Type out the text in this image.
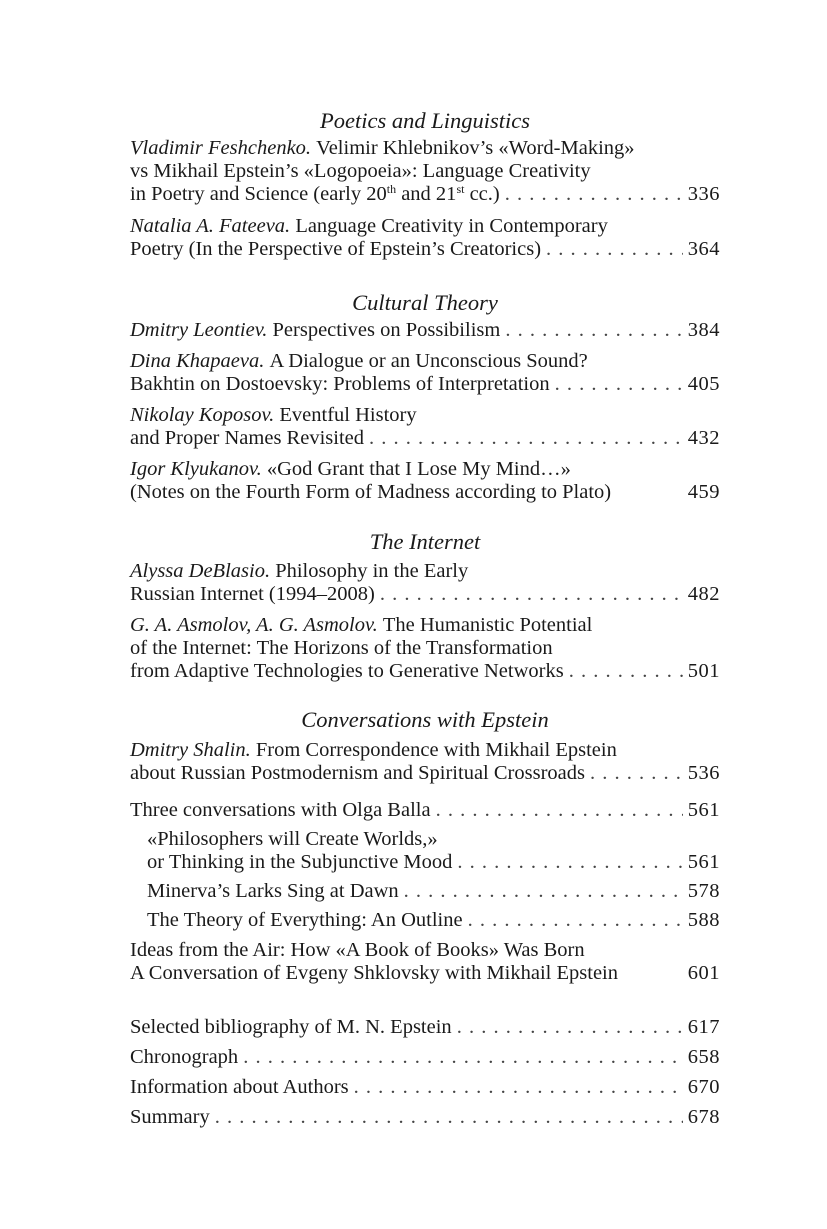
Poetics and Linguistics
Vladimir Feshchenko.
Velimir Khlebnikov’s «Word-Making»
vs Mikhail Epstein’s «Logopoeia»: Language Creativity
in Poetry and Science (early 20th and 21st cc.) . . .	336
Natalia A. Fateeva.
Language Creativity in Contemporary
Poetry (In the Perspective of Epstein’s Creatorics) . . .	364
Cultural Theory
Dmitry Leontiev.
Perspectives on Possibilism . . .	384
Dina Khapaeva.
A Dialogue or an Unconscious Sound?
Bakhtin on Dostoevsky: Problems of Interpretation . . .	405
Nikolay Koposov.
Eventful History
and Proper Names Revisited . . .	432
Igor Klyukanov.
«God Grant that I Lose My Mind…»
(Notes on the Fourth Form of Madness according to Plato)	459
The Internet
Alyssa DeBlasio.
Philosophy in the Early
Russian Internet (1994–2008) . . .	482
G. A. Asmolov, A. G. Asmolov.
The Humanistic Potential
of the Internet: The Horizons of the Transformation
from Adaptive Technologies to Generative Networks . . .	501
Conversations with Epstein
Dmitry Shalin.
From Correspondence with Mikhail Epstein
about Russian Postmodernism and Spiritual Crossroads . . .	536
Three conversations with Olga Balla . . .	561
«Philosophers will Create Worlds,»
or Thinking in the Subjunctive Mood . . .	561
Minerva’s Larks Sing at Dawn . . .	578
The Theory of Everything: An Outline . . .	588
Ideas from the Air: How «A Book of Books» Was Born
A Conversation of Evgeny Shklovsky with Mikhail Epstein	601
Selected bibliography of M. N. Epstein . . .	617
Chronograph . . .	658
Information about Authors . . .	670
Summary . . .	678
